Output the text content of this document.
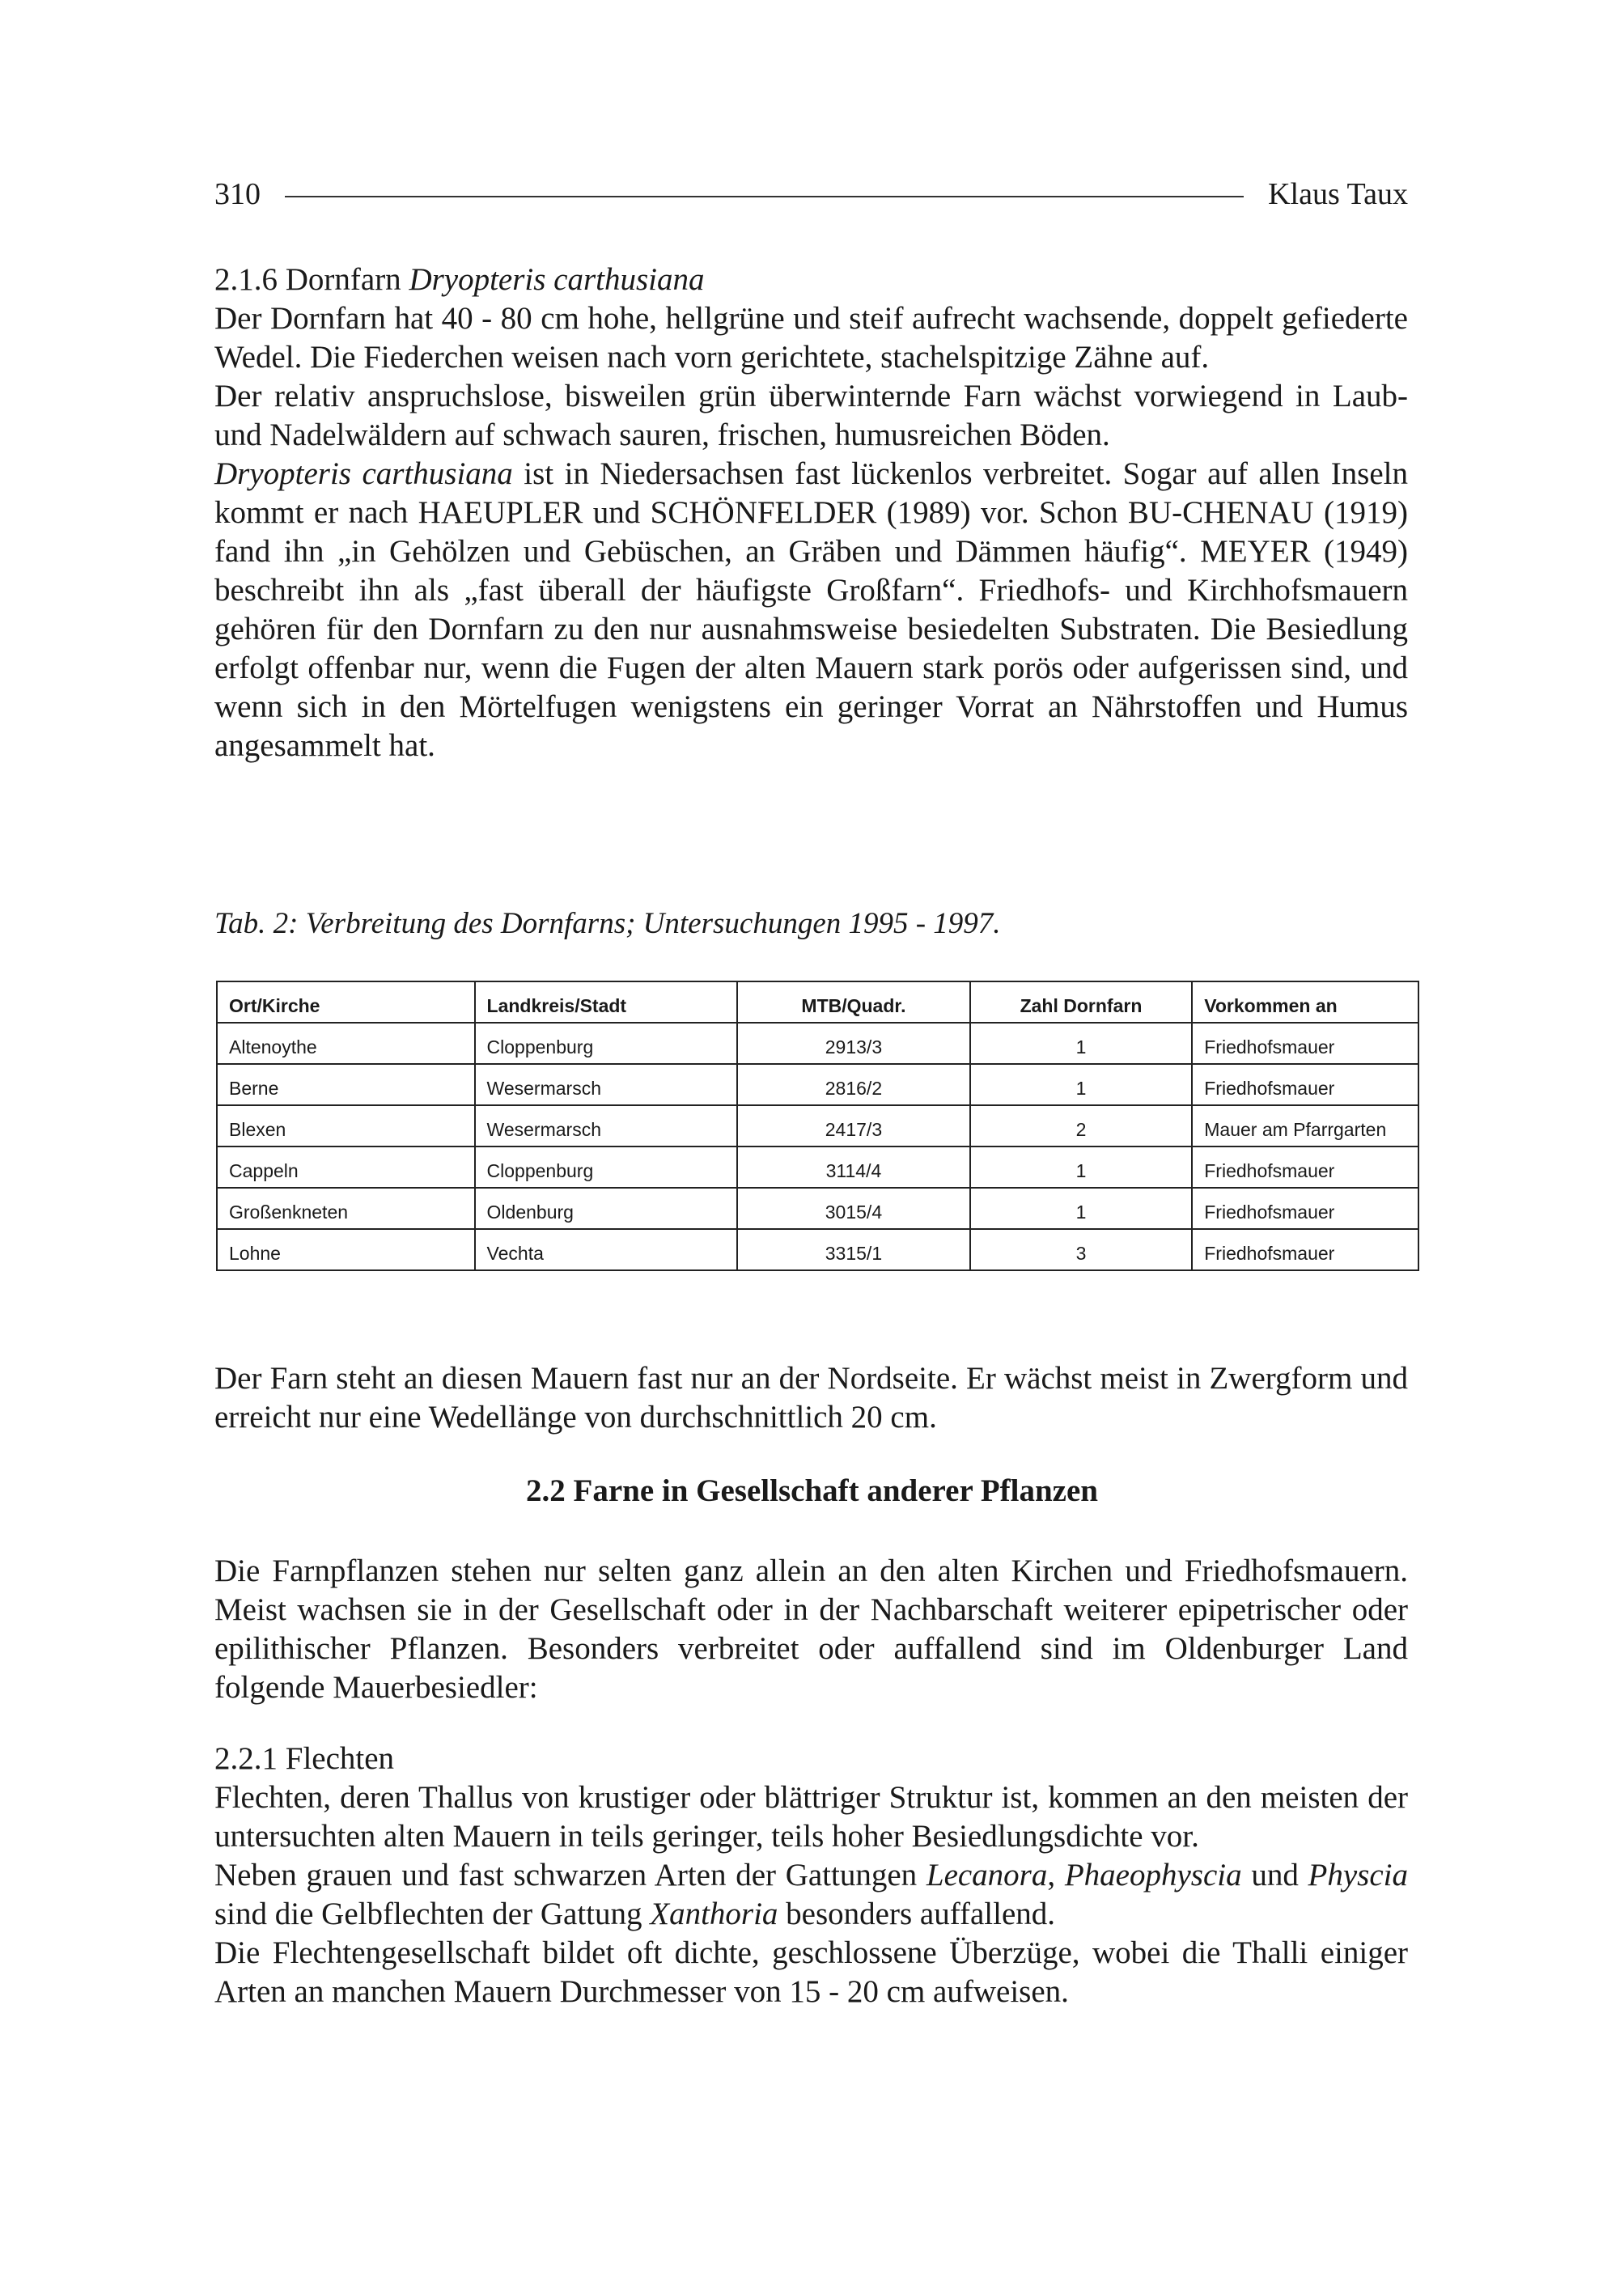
310	Klaus Taux

2.1.6 Dornfarn Dryopteris carthusiana

Der Dornfarn hat 40 - 80 cm hohe, hellgrüne und steif aufrecht wachsende, doppelt gefiederte Wedel. Die Fiederchen weisen nach vorn gerichtete, stachelspitzige Zähne auf.

Der relativ anspruchslose, bisweilen grün überwinternde Farn wächst vorwiegend in Laub- und Nadelwäldern auf schwach sauren, frischen, humusreichen Böden.

Dryopteris carthusiana ist in Niedersachsen fast lückenlos verbreitet. Sogar auf allen Inseln kommt er nach HAEUPLER und SCHÖNFELDER (1989) vor. Schon BU-CHENAU (1919) fand ihn „in Gehölzen und Gebüschen, an Gräben und Dämmen häufig“. MEYER (1949) beschreibt ihn als „fast überall der häufigste Großfarn“. Friedhofs- und Kirchhofsmauern gehören für den Dornfarn zu den nur ausnahmsweise besiedelten Substraten. Die Besiedlung erfolgt offenbar nur, wenn die Fugen der alten Mauern stark porös oder aufgerissen sind, und wenn sich in den Mörtelfugen wenigstens ein geringer Vorrat an Nährstoffen und Humus angesammelt hat.

Tab. 2: Verbreitung des Dornfarns; Untersuchungen 1995 - 1997.
Ort/Kirche	Landkreis/Stadt	MTB/Quadr.	Zahl Dornfarn	Vorkommen an
Altenoythe	Cloppenburg	2913/3	1	Friedhofsmauer
Berne	Wesermarsch	2816/2	1	Friedhofsmauer
Blexen	Wesermarsch	2417/3	2	Mauer am Pfarrgarten
Cappeln	Cloppenburg	3114/4	1	Friedhofsmauer
Großenkneten	Oldenburg	3015/4	1	Friedhofsmauer
Lohne	Vechta	3315/1	3	Friedhofsmauer

Der Farn steht an diesen Mauern fast nur an der Nordseite. Er wächst meist in Zwergform und erreicht nur eine Wedellänge von durchschnittlich 20 cm.

2.2 Farne in Gesellschaft anderer Pflanzen

Die Farnpflanzen stehen nur selten ganz allein an den alten Kirchen und Friedhofsmauern. Meist wachsen sie in der Gesellschaft oder in der Nachbarschaft weiterer epipetrischer oder epilithischer Pflanzen. Besonders verbreitet oder auffallend sind im Oldenburger Land folgende Mauerbesiedler:

2.2.1 Flechten

Flechten, deren Thallus von krustiger oder blättriger Struktur ist, kommen an den meisten der untersuchten alten Mauern in teils geringer, teils hoher Besiedlungsdichte vor.

Neben grauen und fast schwarzen Arten der Gattungen Lecanora, Phaeophyscia und Physcia sind die Gelbflechten der Gattung Xanthoria besonders auffallend.

Die Flechtengesellschaft bildet oft dichte, geschlossene Überzüge, wobei die Thalli einiger Arten an manchen Mauern Durchmesser von 15 - 20 cm aufweisen.
